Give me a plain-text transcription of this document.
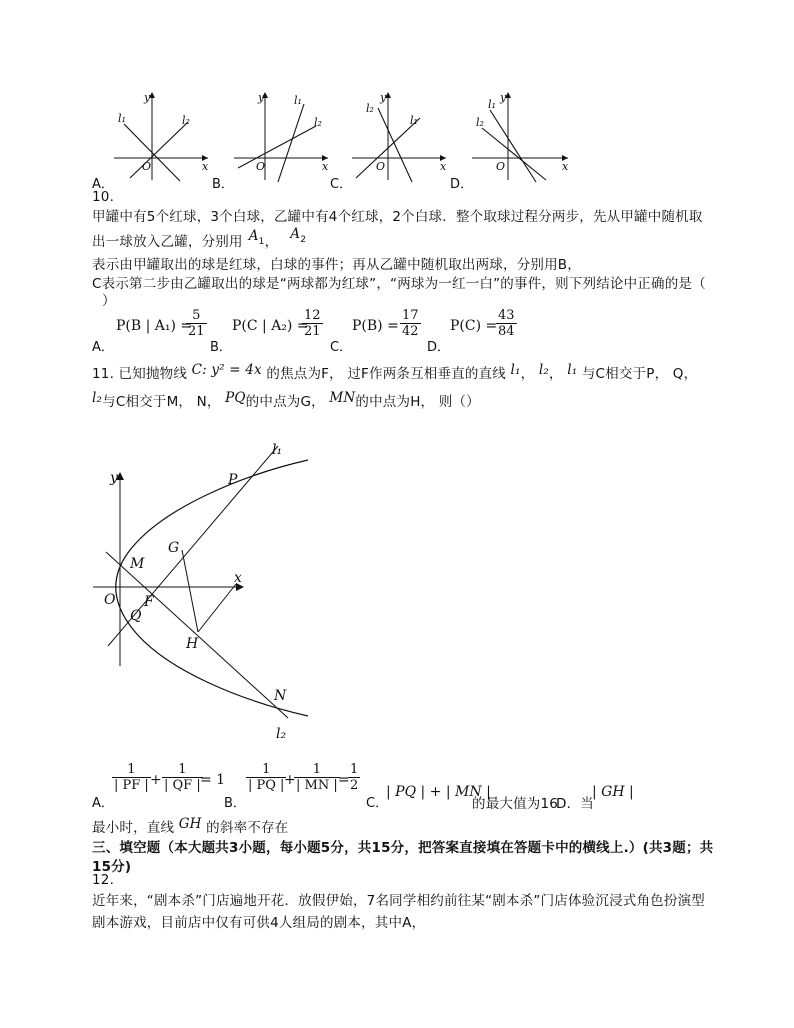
y
x
O
l₁	l₂
A．
y
x
O
l₁
l₂
B．
y
x
O
l₂
l₁
C．
y
x
O
l₁
l₂
D．
10.
甲罐中有5个红球，3个白球，乙罐中有4个红球，2个白球．整个取球过程分两步，先从甲罐中随机取
出一球放入乙罐，分别用 $A_1$， $A_2$
表示由甲罐取出的球是红球，白球的事件；再从乙罐中随机取出两球，分别用B，
C表示第二步由乙罐取出的球是“两球都为红球”，“两球为一红一白”的事件，则下列结论中正确的是（
）
A．
P(B | A₁) =
$\frac{5}{21}$
B．
P(C | A₂) =
$\frac{12}{21}$
C．
$P(B) = \frac{17}{42}$
D．
P(C) =
$\frac{43}{84}$
11. 已知抛物线 C: y² = 4x 的焦点为F， 过F作两条互相垂直的直线 l₁， l₂， l₁ 与C相交于P， Q，
l₂与C相交于M， N， PQ的中点为G， MN的中点为H， 则（）
l₁
l₂
P
G
M
O F
Q
H
N
x
y
A．
$\frac{1}{| PF |} + \frac{1}{| QF |}$
= 1
B．
$\frac{1}{| PQ |}$
+
$\frac{1}{| MN |}$
=
$\frac{1}{2}$
C．
| PQ | + | MN |
的最大值为16
D．当
| GH |
最小时，直线 GH 的斜率不存在
三、填空题（本大题共3小题，每小题5分，共15分，把答案直接填在答题卡中的横线上.）(共3题；共
15分)
12.
近年来，“剧本杀”门店遍地开花．放假伊始，7名同学相约前往某“剧本杀”门店体验沉浸式角色扮演型
剧本游戏，目前店中仅有可供4人组局的剧本，其中A，
